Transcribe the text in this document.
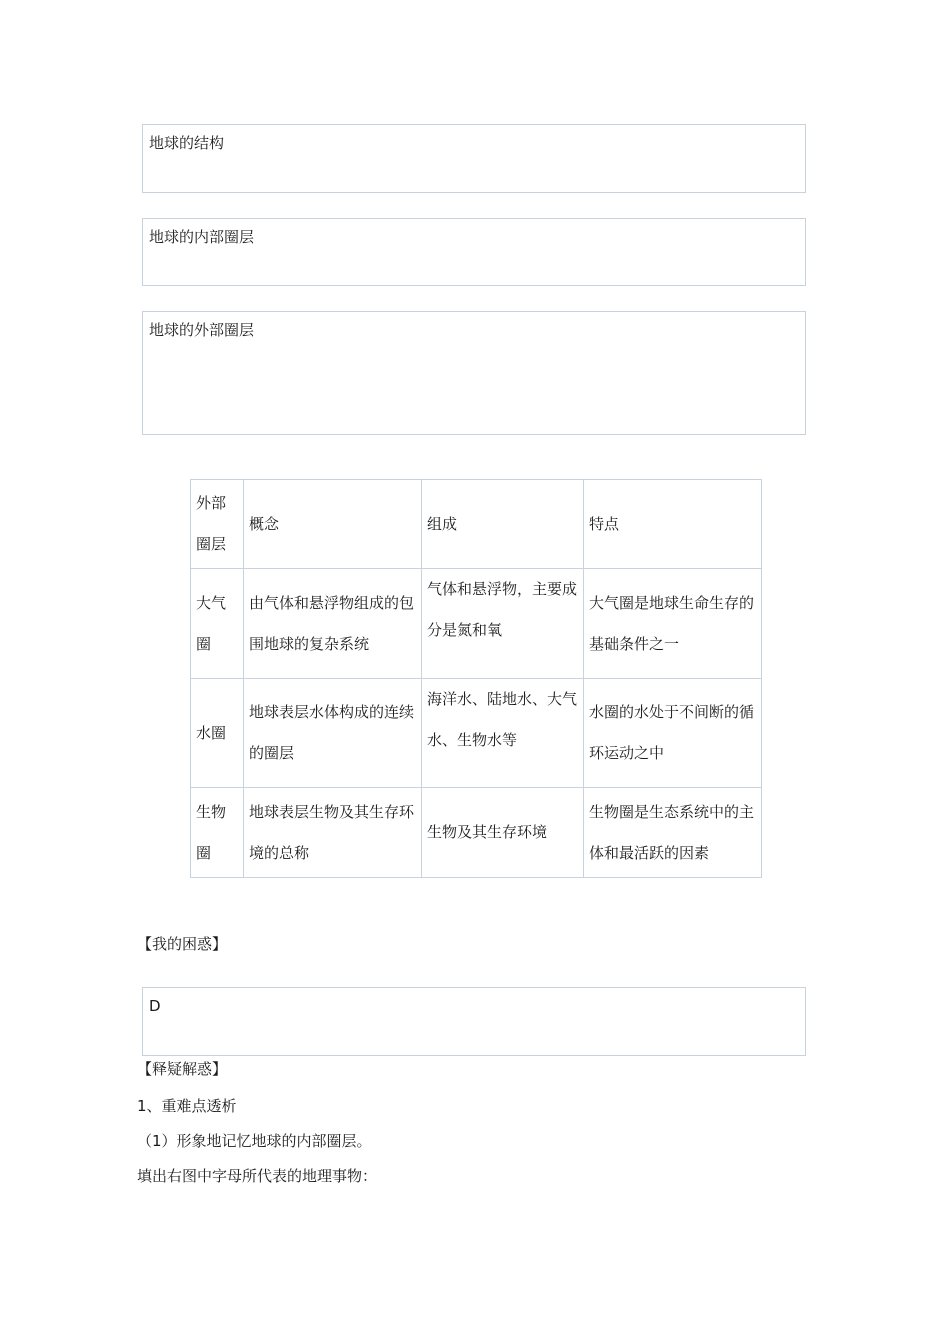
地球的结构
地球的内部圈层
地球的外部圈层
外部圈层	概念	组成	特点
大气圈	由气体和悬浮物组成的包围地球的复杂系统	气体和悬浮物，主要成分是氮和氧	大气圈是地球生命生存的基础条件之一
水圈	地球表层水体构成的连续的圈层	海洋水、陆地水、大气水、生物水等	水圈的水处于不间断的循环运动之中
生物圈	地球表层生物及其生存环境的总称	生物及其生存环境	生物圈是生态系统中的主体和最活跃的因素
【我的困惑】
D
【释疑解惑】
1、重难点透析
（1）形象地记忆地球的内部圈层。
填出右图中字母所代表的地理事物：
